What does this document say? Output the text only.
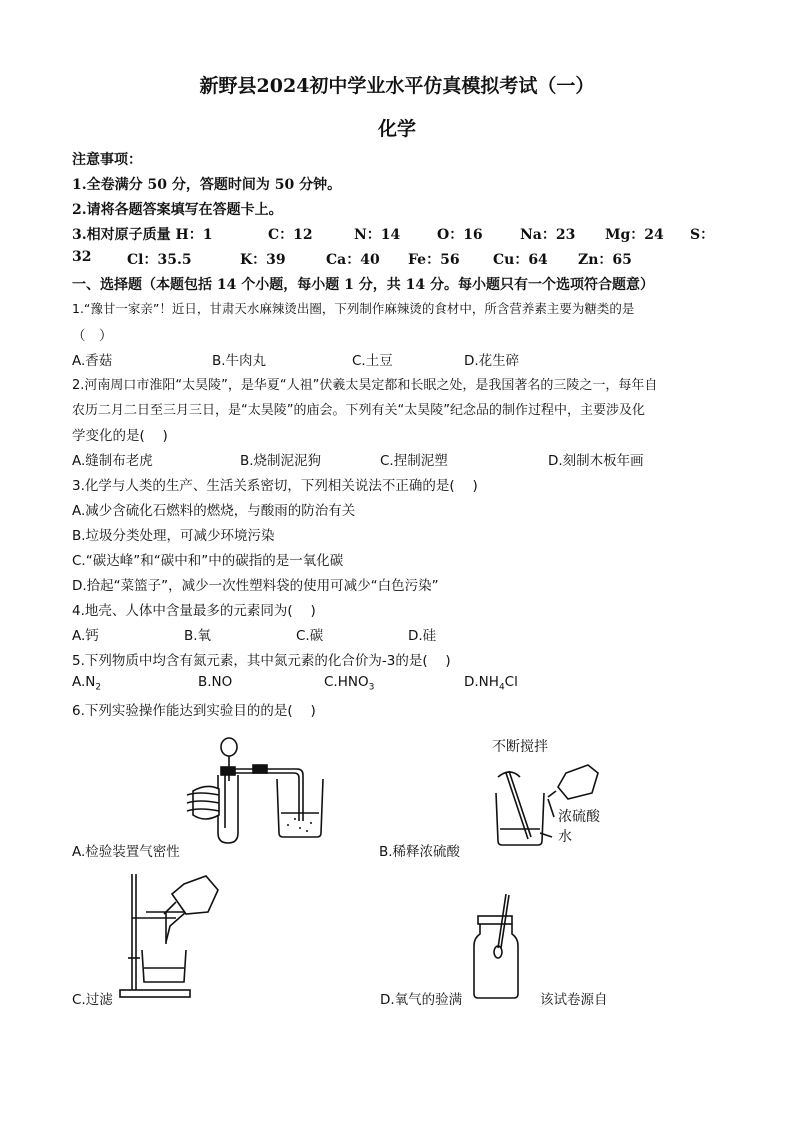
新野县2024初中学业水平仿真模拟考试（一）
化学
注意事项：
1.全卷满分 50 分，答题时间为 50 分钟。
2.请将各题答案填写在答题卡上。
3.相对原子质量 H：1	C：12	N：14	O：16	Na：23 Mg：24 S：
32	Cl：35.5	K：39	Ca：40 Fe：56 Cu：64 Zn：65
一、选择题（本题包括 14 个小题，每小题 1 分，共 14 分。每小题只有一个选项符合题意）
1.“豫甘一家亲”！近日，甘肃天水麻辣烫出圈，下列制作麻辣烫的食材中，所含营养素主要为糖类的是
（　）
A.香菇	B.牛肉丸	C.土豆	D.花生碎
2.河南周口市淮阳“太昊陵”，是华夏“人祖”伏羲太昊定都和长眠之处，是我国著名的三陵之一，每年自
农历二月二日至三月三日，是“太昊陵”的庙会。下列有关“太昊陵”纪念品的制作过程中，主要涉及化
学变化的是(　 )
A.缝制布老虎	B.烧制泥泥狗	C.捏制泥塑	D.刻制木板年画
3.化学与人类的生产、生活关系密切，下列相关说法不正确的是(　 )
A.减少含硫化石燃料的燃烧，与酸雨的防治有关
B.垃圾分类处理，可减少环境污染
C.“碳达峰”和“碳中和”中的碳指的是一氧化碳
D.拾起“菜篮子”，减少一次性塑料袋的使用可减少“白色污染”
4.地壳、人体中含量最多的元素同为(　 )
A.钙	B.氧	C.碳	D.硅
5.下列物质中均含有氮元素，其中氮元素的化合价为-3的是(　 )
$A.N_2$	B.NO	$C.HNO_3$	$D.NH_4Cl$
6.下列实验操作能达到实验目的的是(　 )
A.检验装置气密性
不断搅拌
浓硫酸
水
B.稀释浓硫酸
C.过滤	D.氧气的验满	该试卷源自
